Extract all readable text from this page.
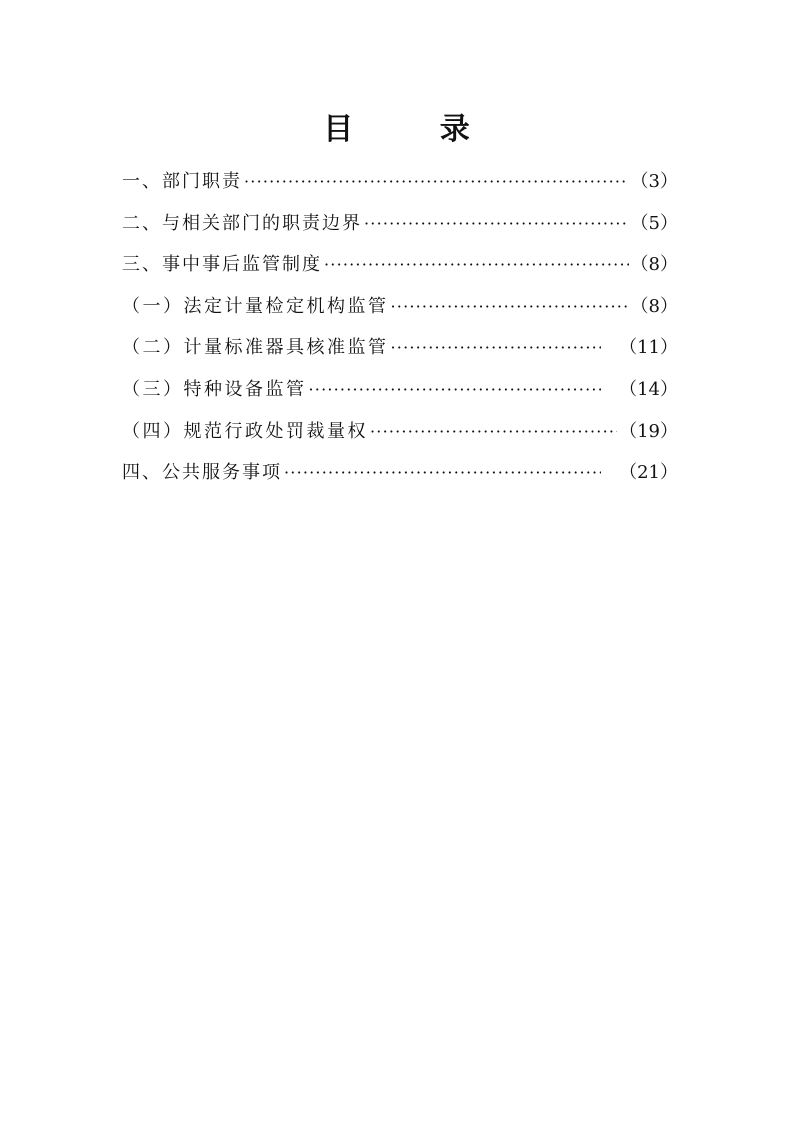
目 录
一、部门职责 ·····	（3）
二、与相关部门的职责边界 ·····	（5）
三、事中事后监管制度 ·····	（8）
（一）法定计量检定机构监管 ·····	（8）
（二）计量标准器具核准监管 ·····	（11）
（三）特种设备监管 ·····	（14）
（四）规范行政处罚裁量权 ·····	（19）
四、公共服务事项 ·····	（21）
